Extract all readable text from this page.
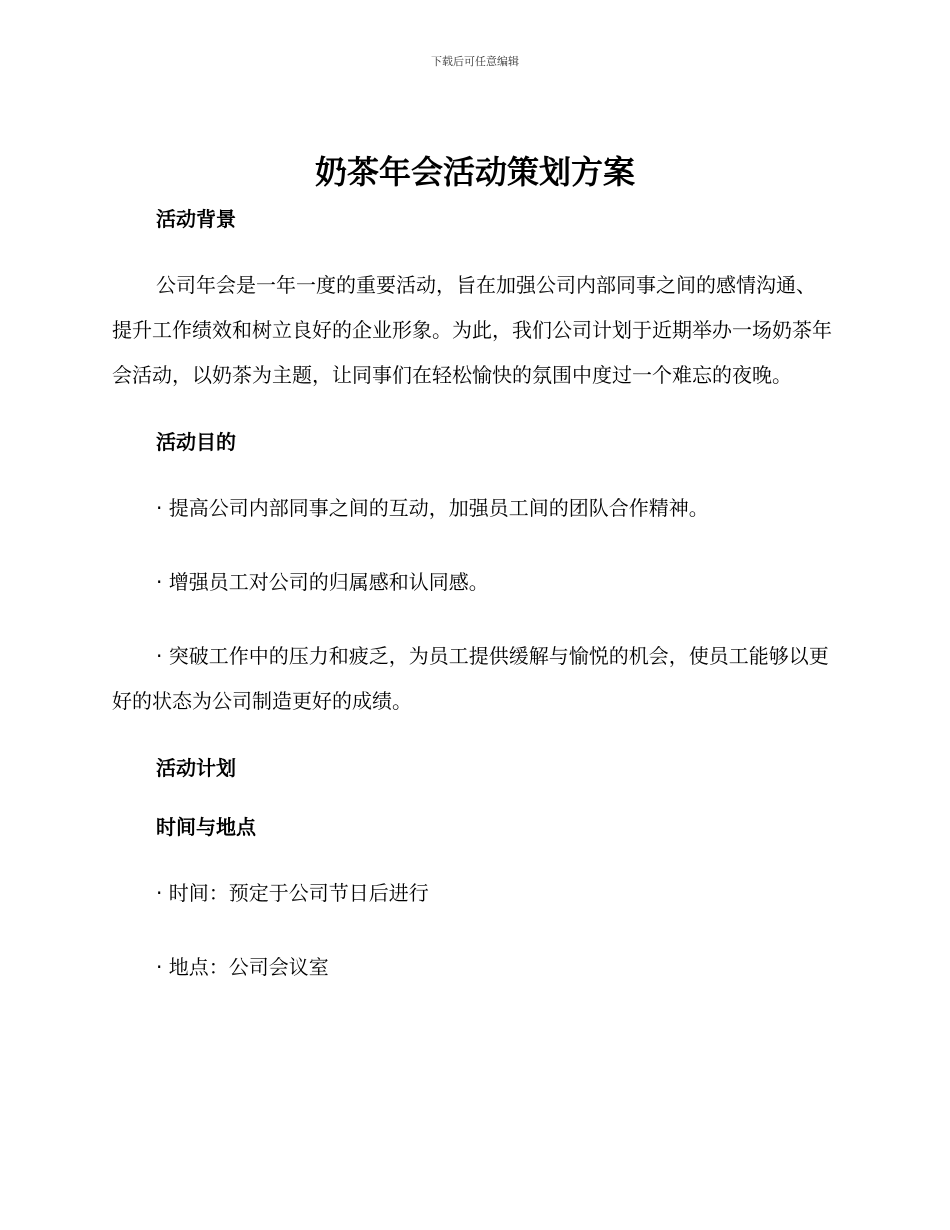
下载后可任意编辑
奶茶年会活动策划方案
活动背景

公司年会是一年一度的重要活动，旨在加强公司内部同事之间的感情沟通、提升工作绩效和树立良好的企业形象。为此，我们公司计划于近期举办一场奶茶年会活动，以奶茶为主题，让同事们在轻松愉快的氛围中度过一个难忘的夜晚。

活动目的

· 提高公司内部同事之间的互动，加强员工间的团队合作精神。

· 增强员工对公司的归属感和认同感。

· 突破工作中的压力和疲乏，为员工提供缓解与愉悦的机会，使员工能够以更好的状态为公司制造更好的成绩。

活动计划
时间与地点

· 时间：预定于公司节日后进行

· 地点：公司会议室
